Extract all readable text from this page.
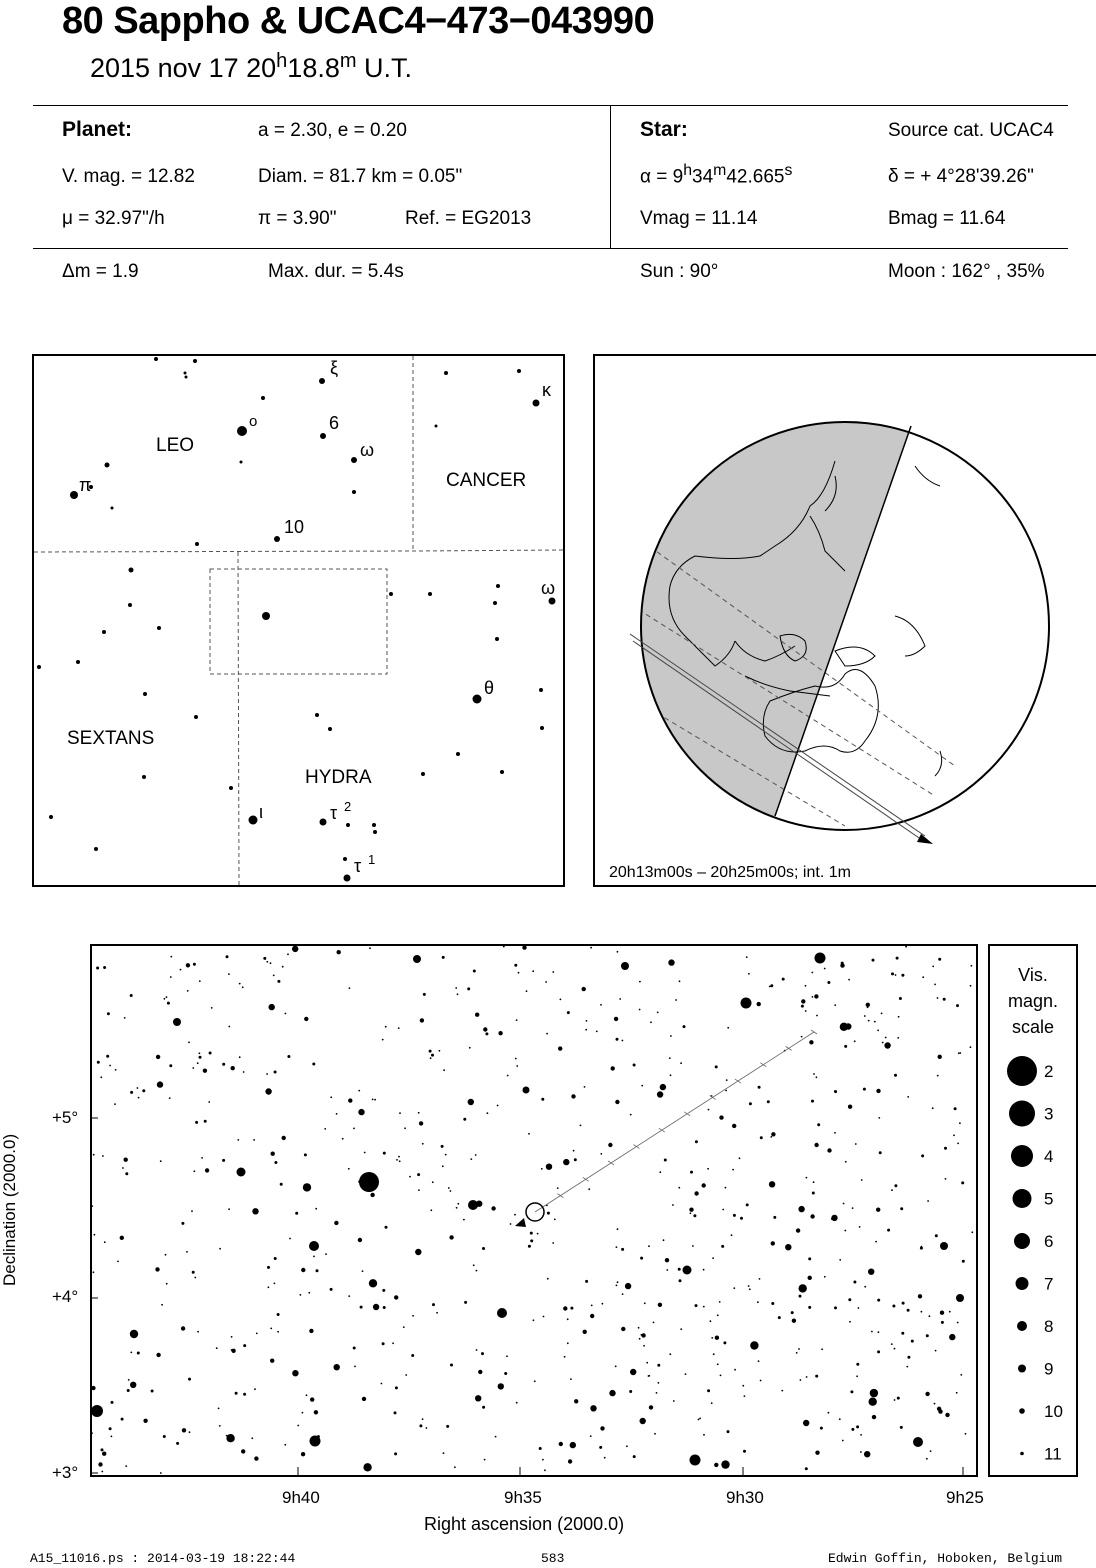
80 Sappho & UCAC4−473−043990
2015 nov 17 20$^h$18.8$^m$ U.T.
Planet:	a = 2.30, e = 0.20
V. mag. = 12.82	Diam. = 81.7 km = 0.05"
μ = 32.97"/h	π = 3.90"	Ref. = EG2013
Star:	Source cat. UCAC4
$\alpha = 9^h34^m42.665^s$	δ = + 4°28'39.26"
Vmag = 11.14	Bmag = 11.64
Δm = 1.9	Max. dur. = 5.4s	Sun : 90°	Moon : 162° , 35%
LEO
CANCER
SEXTANS
HYDRA
ξ
6
ο
ω
π
10
κ
ω
θ
ι	τ 2
τ 1
20h13m00s – 20h25m00s; int. 1m
Declination (2000.0)
+5°
+4°
+3°
9h40	9h35	9h30	9h25
Right ascension (2000.0)
Vis.
magn.
scale
2
3
4
5
6
7
8
9
10
11
A15_11016.ps : 2014-03-19 18:22:44	583	Edwin Goffin, Hoboken, Belgium
